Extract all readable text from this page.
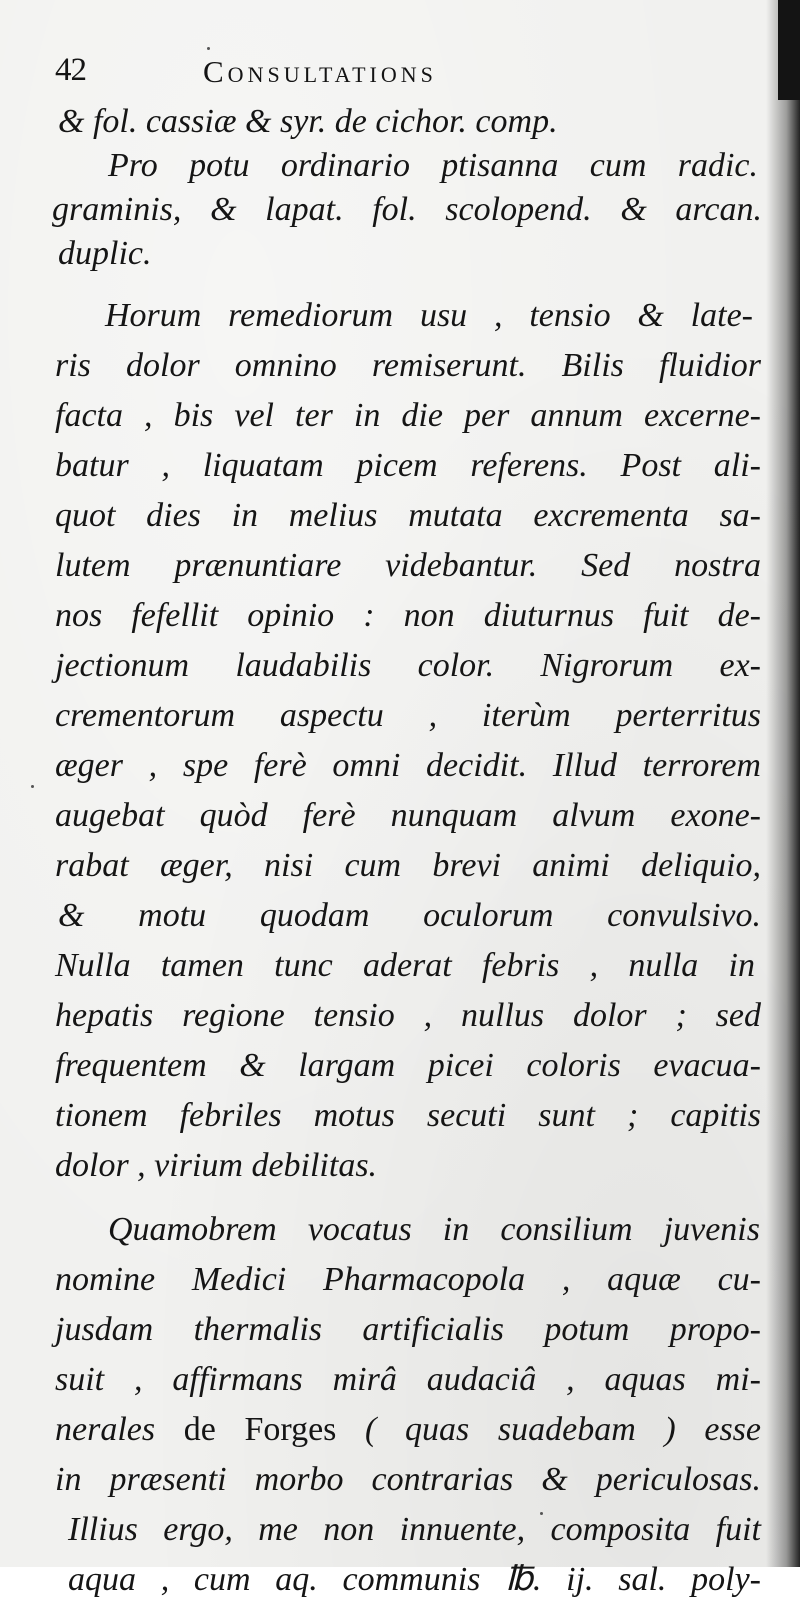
42	Consultations
& fol. cassiæ & syr. de cichor. comp.
Pro potu ordinario ptisanna cum radic.
graminis, & lapat. fol. scolopend. & arcan.
duplic.
Horum remediorum usu , tensio & late-
ris dolor omnino remiserunt. Bilis fluidior
facta , bis vel ter in die per annum excerne-
batur , liquatam picem referens. Post ali-
quot dies in melius mutata excrementa sa-
lutem prænuntiare videbantur. Sed nostra
nos fefellit opinio : non diuturnus fuit de-
jectionum laudabilis color. Nigrorum ex-
crementorum aspectu , iterùm perterritus
æger , spe ferè omni decidit. Illud terrorem
augebat quòd ferè nunquam alvum exone-
rabat æger, nisi cum brevi animi deliquio,
& motu quodam oculorum convulsivo.
Nulla tamen tunc aderat febris , nulla in
hepatis regione tensio , nullus dolor ; sed
frequentem & largam picei coloris evacua-
tionem febriles motus secuti sunt ; capitis
dolor , virium debilitas.
Quamobrem vocatus in consilium juvenis
nomine Medici Pharmacopola , aquæ cu-
jusdam thermalis artificialis potum propo-
suit , affirmans mirâ audaciâ , aquas mi-
nerales de Forges ( quas suadebam ) esse
in præsenti morbo contrarias & periculosas.
Illius ergo, me non innuente, composita fuit
aqua , cum aq. communis ℔. ij. sal. poly-
